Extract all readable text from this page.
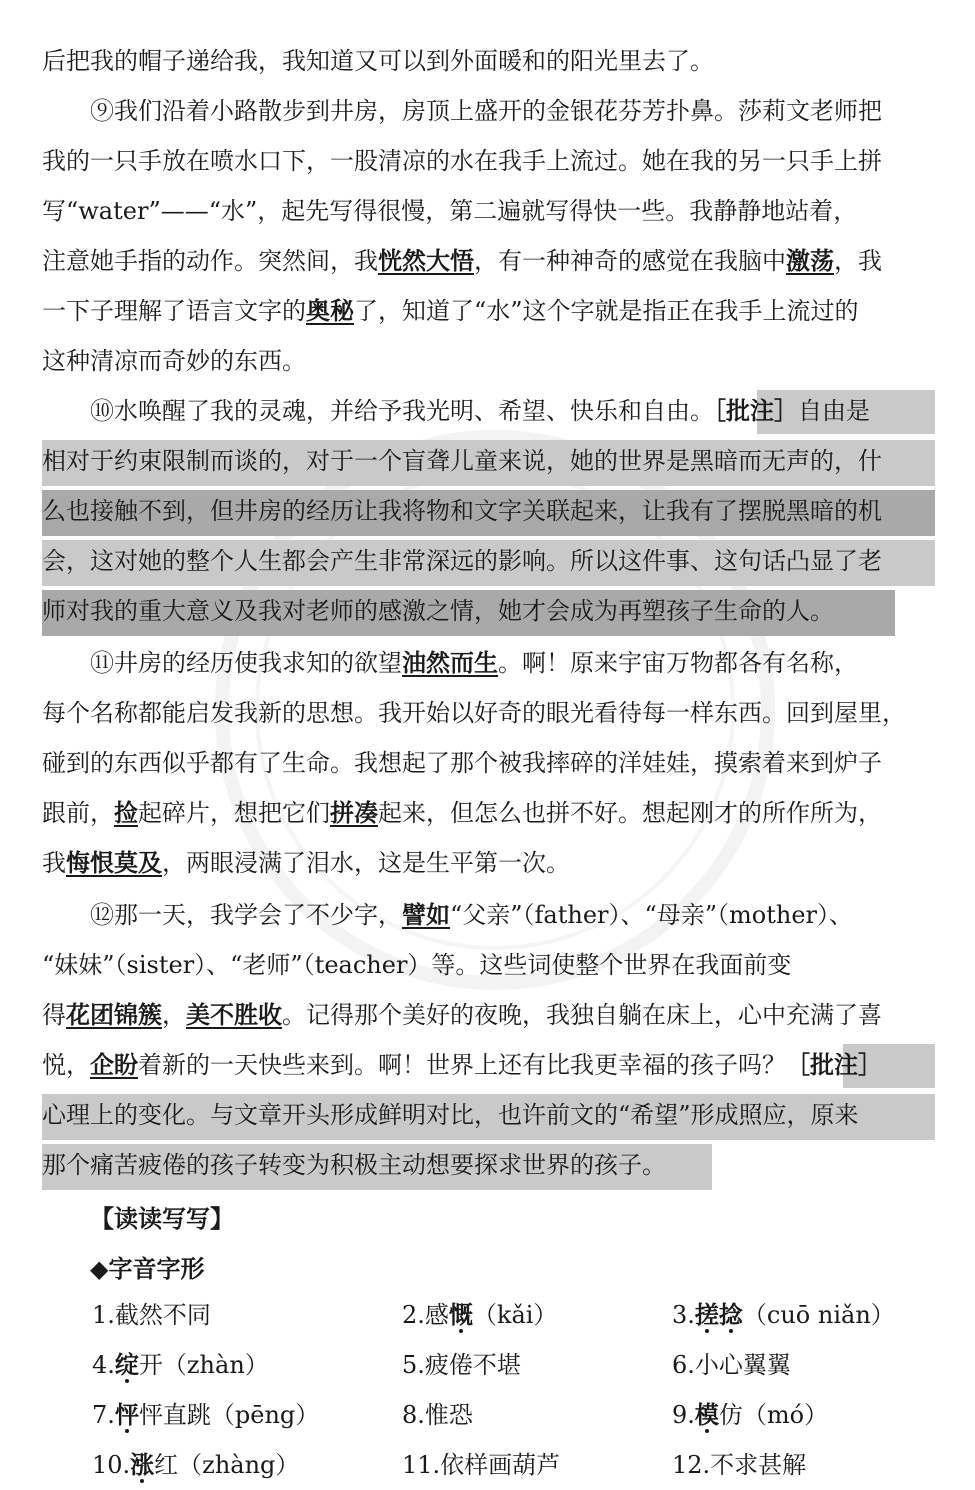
后把我的帽子递给我，我知道又可以到外面暖和的阳光里去了。
⑨我们沿着小路散步到井房，房顶上盛开的金银花芬芳扑鼻。莎莉文老师把
我的一只手放在喷水口下，一股清凉的水在我手上流过。她在我的另一只手上拼
写“water”——“水”，起先写得很慢，第二遍就写得快一些。我静静地站着，
注意她手指的动作。突然间，我恍然大悟，有一种神奇的感觉在我脑中激荡，我
一下子理解了语言文字的奥秘了，知道了“水”这个字就是指正在我手上流过的
这种清凉而奇妙的东西。
⑩水唤醒了我的灵魂，并给予我光明、希望、快乐和自由。［批注］自由是
相对于约束限制而谈的，对于一个盲聋儿童来说，她的世界是黑暗而无声的，什
么也接触不到，但井房的经历让我将物和文字关联起来，让我有了摆脱黑暗的机
会，这对她的整个人生都会产生非常深远的影响。所以这件事、这句话凸显了老
师对我的重大意义及我对老师的感激之情，她才会成为再塑孩子生命的人。
⑪井房的经历使我求知的欲望油然而生。啊！原来宇宙万物都各有名称，
每个名称都能启发我新的思想。我开始以好奇的眼光看待每一样东西。回到屋里，
碰到的东西似乎都有了生命。我想起了那个被我摔碎的洋娃娃，摸索着来到炉子
跟前，捡起碎片，想把它们拼凑起来，但怎么也拼不好。想起刚才的所作所为，
我悔恨莫及，两眼浸满了泪水，这是生平第一次。
⑫那一天，我学会了不少字，譬如“父亲”（father）、“母亲”（mother）、
“妹妹”（sister）、“老师”（teacher）等。这些词使整个世界在我面前变
得花团锦簇，美不胜收。记得那个美好的夜晚，我独自躺在床上，心中充满了喜
悦，企盼着新的一天快些来到。啊！世界上还有比我更幸福的孩子吗？［批注］
心理上的变化。与文章开头形成鲜明对比，也许前文的“希望”形成照应，原来
那个痛苦疲倦的孩子转变为积极主动想要探求世界的孩子。
【读读写写】
◆字音字形
1.截然不同	2.感慨（kǎi）	3.搓捻（cuō niǎn）
4.绽开（zhàn）	5.疲倦不堪	6.小心翼翼
7.怦怦直跳（pēng）	8.惟恐	9.模仿（mó）
10.涨红（zhàng）	11.依样画葫芦	12.不求甚解
